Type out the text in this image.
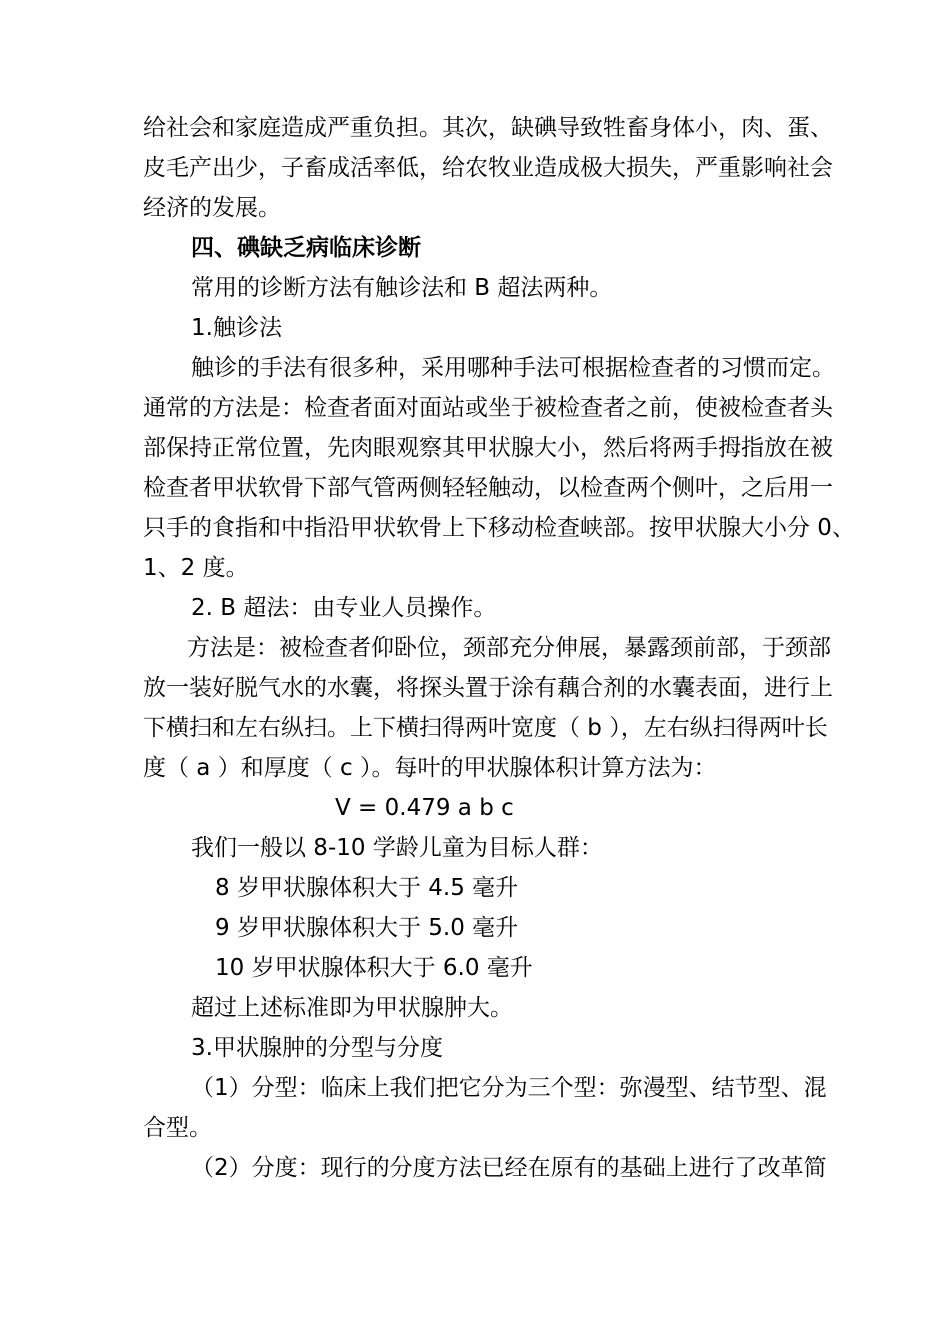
给社会和家庭造成严重负担。其次，缺碘导致牲畜身体小，肉、蛋、
皮毛产出少，子畜成活率低，给农牧业造成极大损失，严重影响社会
经济的发展。
四、碘缺乏病临床诊断
常用的诊断方法有触诊法和 B 超法两种。
1.触诊法
触诊的手法有很多种，采用哪种手法可根据检查者的习惯而定。
通常的方法是：检查者面对面站或坐于被检查者之前，使被检查者头
部保持正常位置，先肉眼观察其甲状腺大小，然后将两手拇指放在被
检查者甲状软骨下部气管两侧轻轻触动，以检查两个侧叶，之后用一
只手的食指和中指沿甲状软骨上下移动检查峡部。按甲状腺大小分 0、
1、2 度。
2. B 超法：由专业人员操作。
方法是：被检查者仰卧位，颈部充分伸展，暴露颈前部，于颈部
放一装好脱气水的水囊，将探头置于涂有藕合剂的水囊表面，进行上
下横扫和左右纵扫。上下横扫得两叶宽度（ b ），左右纵扫得两叶长
度（ a ）和厚度（ c ）。每叶的甲状腺体积计算方法为：
V = 0.479 a b c
我们一般以 8-10 学龄儿童为目标人群：
8 岁甲状腺体积大于 4.5 毫升
9 岁甲状腺体积大于 5.0 毫升
10 岁甲状腺体积大于 6.0 毫升
超过上述标准即为甲状腺肿大。
3.甲状腺肿的分型与分度
（1）分型：临床上我们把它分为三个型：弥漫型、结节型、混
合型。
（2）分度：现行的分度方法已经在原有的基础上进行了改革简
